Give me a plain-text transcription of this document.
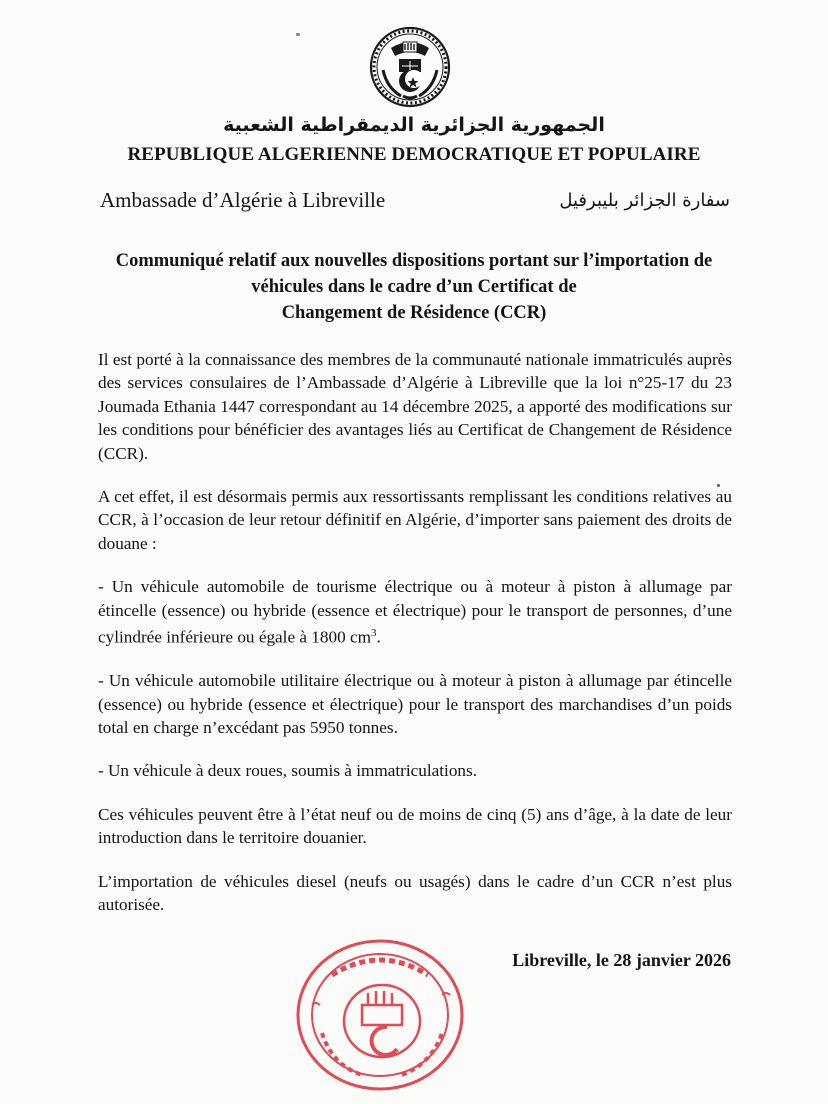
الجمهورية الجزائرية الديمقراطية الشعبية
REPUBLIQUE ALGERIENNE DEMOCRATIQUE ET POPULAIRE
Ambassade d’Algérie à Libreville	سفارة الجزائر بليبرفيل
Communiqué relatif aux nouvelles dispositions portant sur l’importation de
véhicules dans le cadre d’un Certificat de
Changement de Résidence (CCR)

Il est porté à la connaissance des membres de la communauté nationale immatriculés auprès des services consulaires de l’Ambassade d’Algérie à Libreville que la loi n°25-17 du 23 Joumada Ethania 1447 correspondant au 14 décembre 2025, a apporté des modifications sur les conditions pour bénéficier des avantages liés au Certificat de Changement de Résidence (CCR).

A cet effet, il est désormais permis aux ressortissants remplissant les conditions relatives au CCR, à l’occasion de leur retour définitif en Algérie, d’importer sans paiement des droits de douane :

- Un véhicule automobile de tourisme électrique ou à moteur à piston à allumage par étincelle (essence) ou hybride (essence et électrique) pour le transport de personnes, d’une cylindrée inférieure ou égale à 1800 $cm^3$.

- Un véhicule automobile utilitaire électrique ou à moteur à piston à allumage par étincelle (essence) ou hybride (essence et électrique) pour le transport des marchandises d’un poids total en charge n’excédant pas 5950 tonnes.

- Un véhicule à deux roues, soumis à immatriculations.

Ces véhicules peuvent être à l’état neuf ou de moins de cinq (5) ans d’âge, à la date de leur introduction dans le territoire douanier.

L’importation de véhicules diesel (neufs ou usagés) dans le cadre d’un CCR n’est plus autorisée.

Libreville, le 28 janvier 2026
